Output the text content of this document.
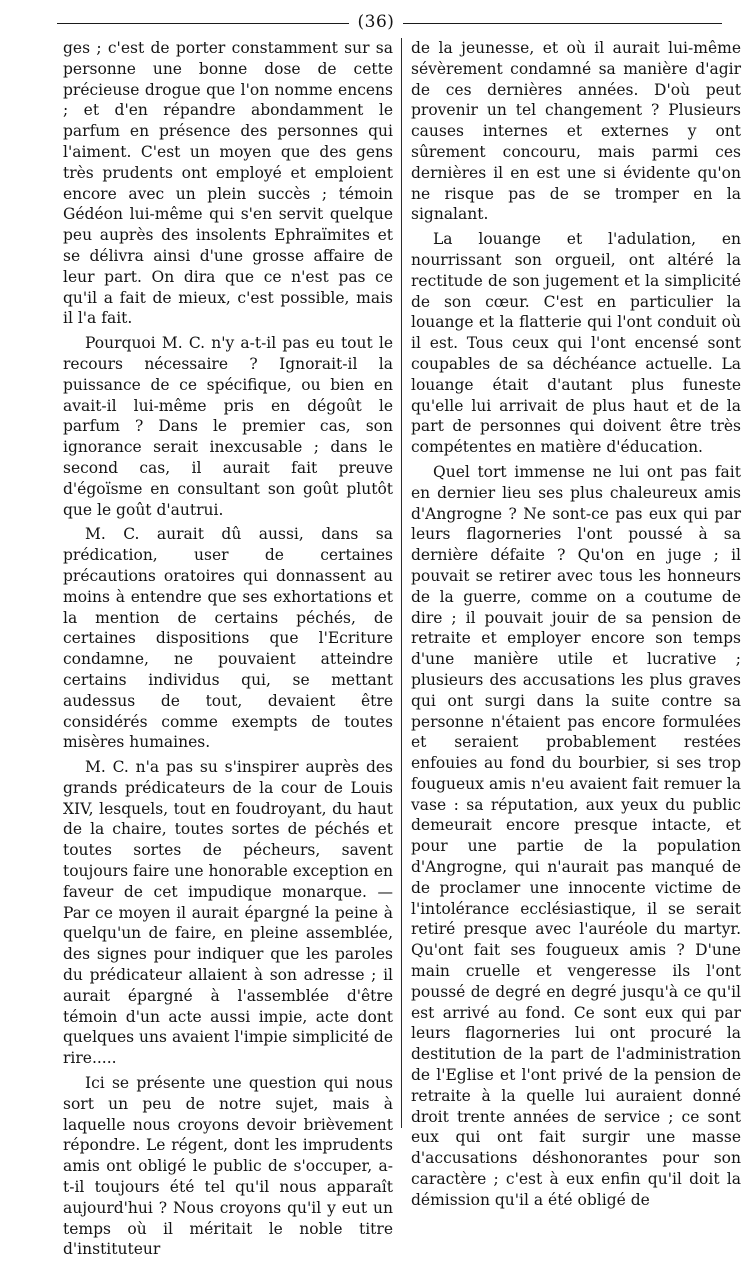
(36)

ges ; c'est de porter constamment sur sa personne une bonne dose de cette précieuse drogue que l'on nomme encens ; et d'en répandre abondamment le parfum en présence des personnes qui l'aiment. C'est un moyen que des gens très prudents ont employé et emploient encore avec un plein succès ; témoin Gédéon lui-même qui s'en servit quelque peu auprès des insolents Ephraïmites et se délivra ainsi d'une grosse affaire de leur part. On dira que ce n'est pas ce qu'il a fait de mieux, c'est possible, mais il l'a fait.

Pourquoi M. C. n'y a-t-il pas eu tout le recours nécessaire ? Ignorait-il la puissance de ce spécifique, ou bien en avait-il lui-même pris en dégoût le parfum ? Dans le premier cas, son ignorance serait inexcusable ; dans le second cas, il aurait fait preuve d'égoïsme en consultant son goût plutôt que le goût d'autrui.

M. C. aurait dû aussi, dans sa prédication, user de certaines précautions oratoires qui donnassent au moins à entendre que ses exhortations et la mention de certains péchés, de certaines dispositions que l'Ecriture condamne, ne pouvaient atteindre certains individus qui, se mettant audessus de tout, devaient être considérés comme exempts de toutes misères humaines.

M. C. n'a pas su s'inspirer auprès des grands prédicateurs de la cour de Louis XIV, lesquels, tout en foudroyant, du haut de la chaire, toutes sortes de péchés et toutes sortes de pécheurs, savent toujours faire une honorable exception en faveur de cet impudique monarque. — Par ce moyen il aurait épargné la peine à quelqu'un de faire, en pleine assemblée, des signes pour indiquer que les paroles du prédicateur allaient à son adresse ; il aurait épargné à l'assemblée d'être témoin d'un acte aussi impie, acte dont quelques uns avaient l'impie simplicité de rire.....

Ici se présente une question qui nous sort un peu de notre sujet, mais à laquelle nous croyons devoir brièvement répondre. Le régent, dont les imprudents amis ont obligé le public de s'occuper, a-t-il toujours été tel qu'il nous apparaît aujourd'hui ? Nous croyons qu'il y eut un temps où il méritait le noble titre d'instituteur

de la jeunesse, et où il aurait lui-même sévèrement condamné sa manière d'agir de ces dernières années. D'où peut provenir un tel changement ? Plusieurs causes internes et externes y ont sûrement concouru, mais parmi ces dernières il en est une si évidente qu'on ne risque pas de se tromper en la signalant.

La louange et l'adulation, en nourrissant son orgueil, ont altéré la rectitude de son jugement et la simplicité de son cœur. C'est en particulier la louange et la flatterie qui l'ont conduit où il est. Tous ceux qui l'ont encensé sont coupables de sa déchéance actuelle. La louange était d'autant plus funeste qu'elle lui arrivait de plus haut et de la part de personnes qui doivent être très compétentes en matière d'éducation.

Quel tort immense ne lui ont pas fait en dernier lieu ses plus chaleureux amis d'Angrogne ? Ne sont-ce pas eux qui par leurs flagorneries l'ont poussé à sa dernière défaite ? Qu'on en juge ; il pouvait se retirer avec tous les honneurs de la guerre, comme on a coutume de dire ; il pouvait jouir de sa pension de retraite et employer encore son temps d'une manière utile et lucrative ; plusieurs des accusations les plus graves qui ont surgi dans la suite contre sa personne n'étaient pas encore formulées et seraient probablement restées enfouies au fond du bourbier, si ses trop fougueux amis n'eu avaient fait remuer la vase : sa réputation, aux yeux du public demeurait encore presque intacte, et pour une partie de la population d'Angrogne, qui n'aurait pas manqué de de proclamer une innocente victime de l'intolérance ecclésiastique, il se serait retiré presque avec l'auréole du martyr. Qu'ont fait ses fougueux amis ? D'une main cruelle et vengeresse ils l'ont poussé de degré en degré jusqu'à ce qu'il est arrivé au fond. Ce sont eux qui par leurs flagorneries lui ont procuré la destitution de la part de l'administration de l'Eglise et l'ont privé de la pension de retraite à la quelle lui auraient donné droit trente années de service ; ce sont eux qui ont fait surgir une masse d'accusations déshonorantes pour son caractère ; c'est à eux enfin qu'il doit la démission qu'il a été obligé de
